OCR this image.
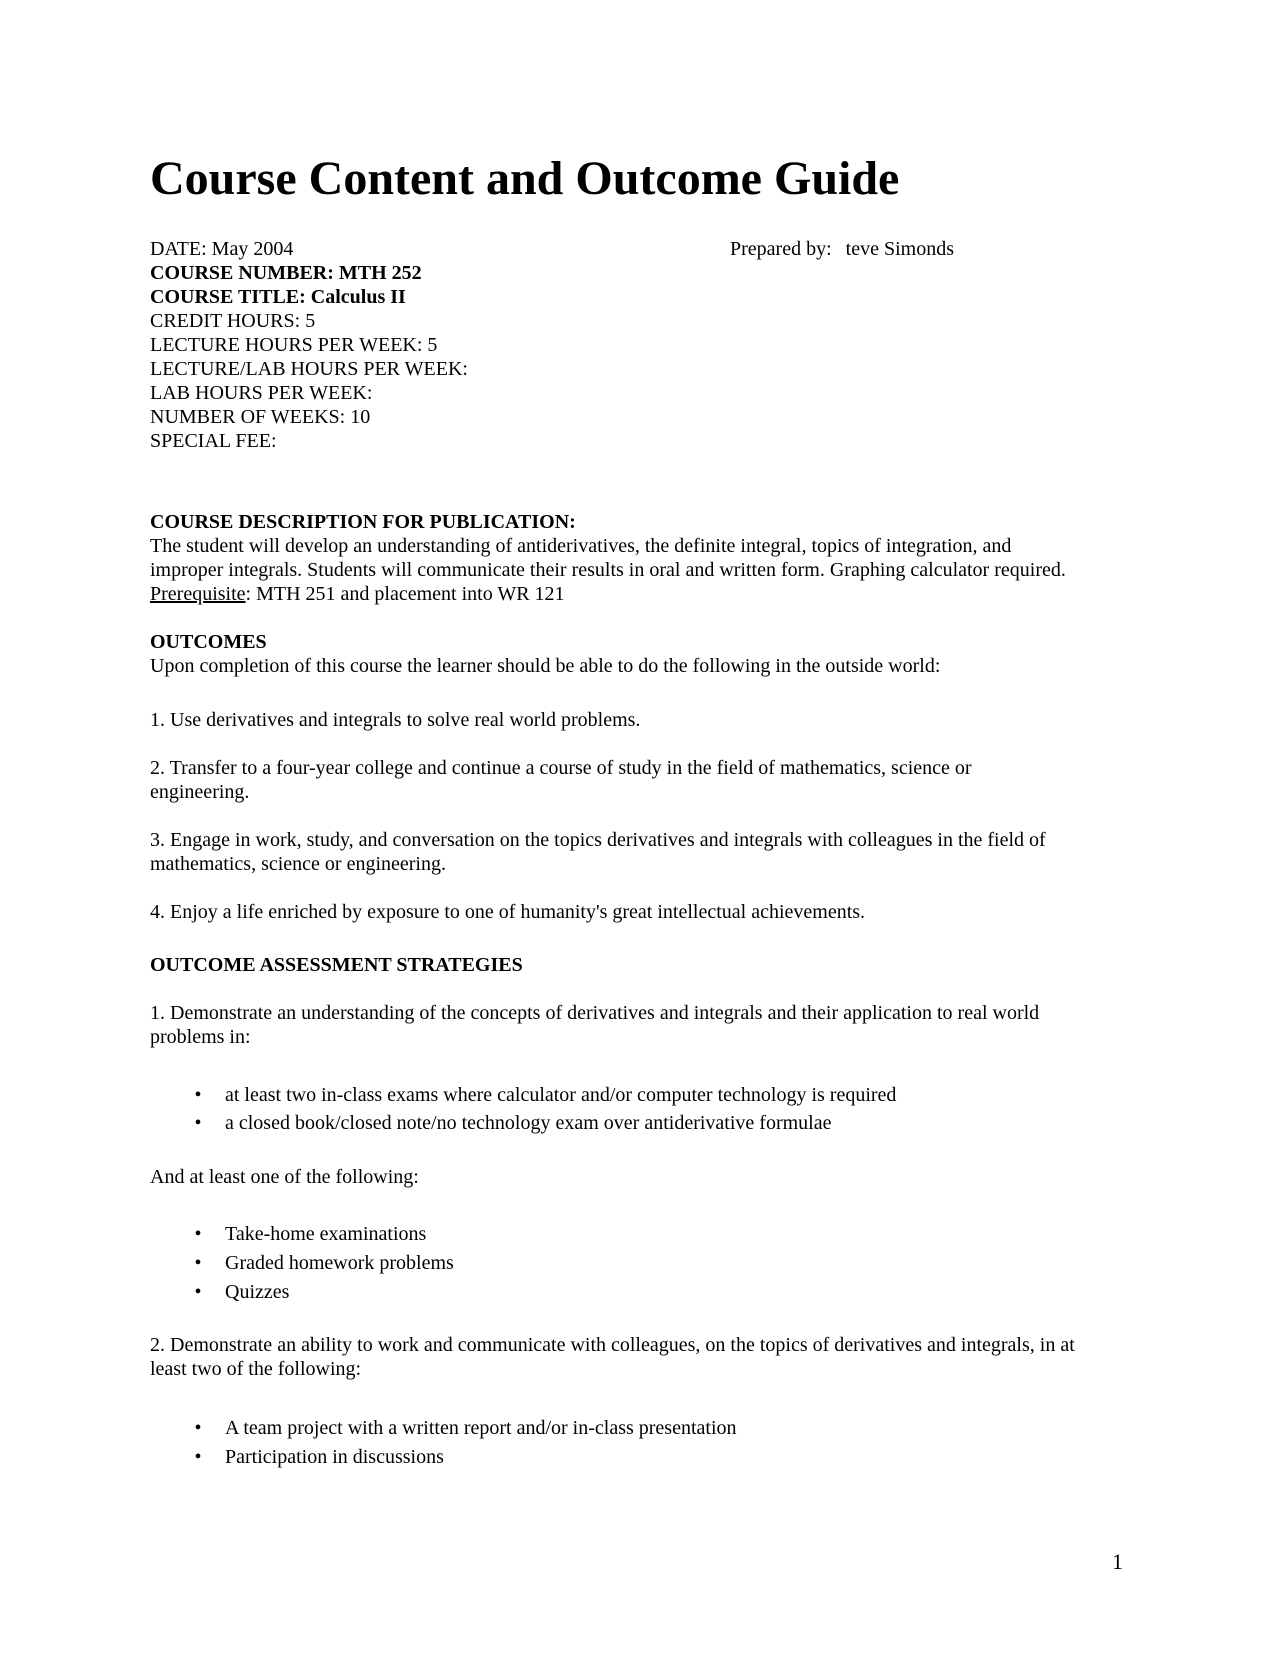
Course Content and Outcome Guide

DATE: May 2004	Prepared by: teve Simonds

COURSE NUMBER: MTH 252

COURSE TITLE: Calculus II

CREDIT HOURS: 5

LECTURE HOURS PER WEEK: 5

LECTURE/LAB HOURS PER WEEK:

LAB HOURS PER WEEK:

NUMBER OF WEEKS: 10

SPECIAL FEE:

COURSE DESCRIPTION FOR PUBLICATION:

The student will develop an understanding of antiderivatives, the definite integral, topics of integration, and

improper integrals. Students will communicate their results in oral and written form. Graphing calculator required.

Prerequisite: MTH 251 and placement into WR 121

OUTCOMES

Upon completion of this course the learner should be able to do the following in the outside world:

1. Use derivatives and integrals to solve real world problems.

2. Transfer to a four-year college and continue a course of study in the field of mathematics, science or

engineering.

3. Engage in work, study, and conversation on the topics derivatives and integrals with colleagues in the field of

mathematics, science or engineering.

4. Enjoy a life enriched by exposure to one of humanity's great intellectual achievements.

OUTCOME ASSESSMENT STRATEGIES

1. Demonstrate an understanding of the concepts of derivatives and integrals and their application to real world

problems in:

•	at least two in-class exams where calculator and/or computer technology is required
•	a closed book/closed note/no technology exam over antiderivative formulae

And at least one of the following:

•	Take-home examinations
•	Graded homework problems
•	Quizzes

2. Demonstrate an ability to work and communicate with colleagues, on the topics of derivatives and integrals, in at

least two of the following:

•	A team project with a written report and/or in-class presentation
•	Participation in discussions
1
